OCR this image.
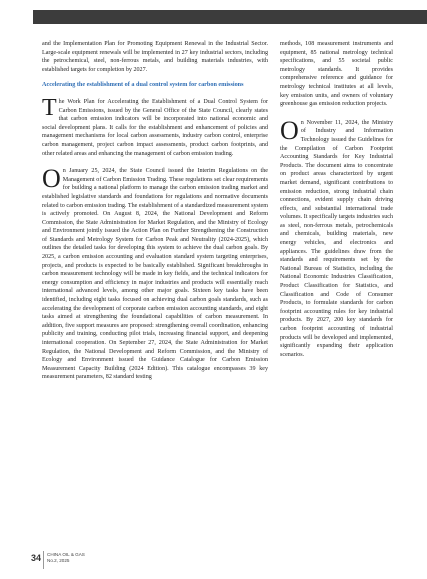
Policies and Laws

and the Implementation Plan for Promoting Equipment Renewal in the Industrial Sector. Large-scale equipment renewals will be implemented in 27 key industrial sectors, including the petrochemical, steel, non-ferrous metals, and building materials industries, with established targets for completion by 2027.

Accelerating the establishment of a dual control system for carbon emissions

The Work Plan for Accelerating the Establishment of a Dual Control System for Carbon Emissions, issued by the General Office of the State Council, clearly states that carbon emission indicators will be incorporated into national economic and social development plans. It calls for the establishment and enhancement of policies and management mechanisms for local carbon assessments, industry carbon control, enterprise carbon management, project carbon impact assessments, product carbon footprints, and other related areas and enhancing the management of carbon emission trading.

On January 25, 2024, the State Council issued the Interim Regulations on the Management of Carbon Emission Trading. These regulations set clear requirements for building a national platform to manage the carbon emission trading market and established legislative standards and foundations for regulations and normative documents related to carbon emission trading. The establishment of a standardized measurement system is actively promoted. On August 8, 2024, the National Development and Reform Commission, the State Administration for Market Regulation, and the Ministry of Ecology and Environment jointly issued the Action Plan on Further Strengthening the Construction of Standards and Metrology System for Carbon Peak and Neutrality (2024-2025), which outlines the detailed tasks for developing this system to achieve the dual carbon goals. By 2025, a carbon emission accounting and evaluation standard system targeting enterprises, projects, and products is expected to be basically established. Significant breakthroughs in carbon measurement technology will be made in key fields, and the technical indicators for energy consumption and efficiency in major industries and products will essentially reach international advanced levels, among other major goals. Sixteen key tasks have been identified, including eight tasks focused on achieving dual carbon goals standards, such as accelerating the development of corporate carbon emission accounting standards, and eight tasks aimed at strengthening the foundational capabilities of carbon measurement. In addition, five support measures are proposed: strengthening overall coordination, enhancing publicity and training, conducting pilot trials, increasing financial support, and deepening international cooperation. On September 27, 2024, the State Administration for Market Regulation, the National Development and Reform Commission, and the Ministry of Ecology and Environment issued the Guidance Catalogue for Carbon Emission Measurement Capacity Building (2024 Edition). This catalogue encompasses 39 key measurement parameters, 82 standard testing

methods, 108 measurement instruments and equipment, 85 national metrology technical specifications, and 55 societal public metrology standards. It provides comprehensive reference and guidance for metrology technical institutes at all levels, key emission units, and owners of voluntary greenhouse gas emission reduction projects.

On November 11, 2024, the Ministry of Industry and Information Technology issued the Guidelines for the Compilation of Carbon Footprint Accounting Standards for Key Industrial Products. The document aims to concentrate on product areas characterized by urgent market demand, significant contributions to emission reduction, strong industrial chain connections, evident supply chain driving effects, and substantial international trade volumes. It specifically targets industries such as steel, non-ferrous metals, petrochemicals and chemicals, building materials, new energy vehicles, and electronics and appliances. The guidelines draw from the standards and requirements set by the National Bureau of Statistics, including the National Economic Industries Classification, Product Classification for Statistics, and Classification and Code of Consumer Products, to formulate standards for carbon footprint accounting rules for key industrial products. By 2027, 200 key standards for carbon footprint accounting of industrial products will be developed and implemented, significantly expanding their application scenarios.

34 CHINA OIL & GAS
No.2, 2025
